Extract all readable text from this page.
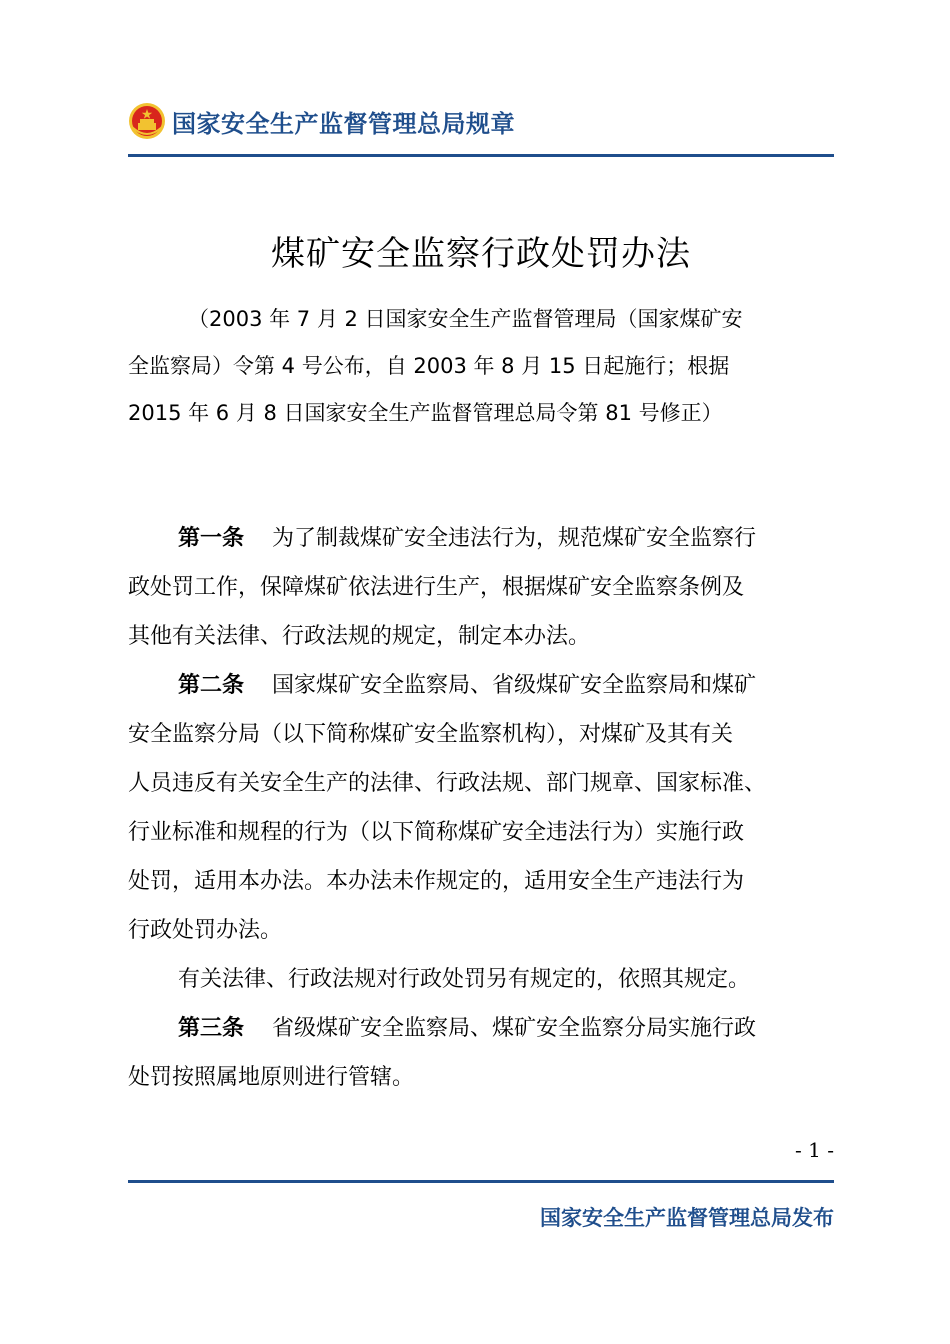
国家安全生产监督管理总局规章
煤矿安全监察行政处罚办法
（2003 年 7 月 2 日国家安全生产监督管理局（国家煤矿安
全监察局）令第 4 号公布，自 2003 年 8 月 15 日起施行；根据
2015 年 6 月 8 日国家安全生产监督管理总局令第 81 号修正）
第一条 为了制裁煤矿安全违法行为，规范煤矿安全监察行
政处罚工作，保障煤矿依法进行生产，根据煤矿安全监察条例及
其他有关法律、行政法规的规定，制定本办法。
第二条 国家煤矿安全监察局、省级煤矿安全监察局和煤矿
安全监察分局（以下简称煤矿安全监察机构），对煤矿及其有关
人员违反有关安全生产的法律、行政法规、部门规章、国家标准、
行业标准和规程的行为（以下简称煤矿安全违法行为）实施行政
处罚，适用本办法。本办法未作规定的，适用安全生产违法行为
行政处罚办法。
有关法律、行政法规对行政处罚另有规定的，依照其规定。
第三条 省级煤矿安全监察局、煤矿安全监察分局实施行政
处罚按照属地原则进行管辖。
- 1 -
国家安全生产监督管理总局发布
